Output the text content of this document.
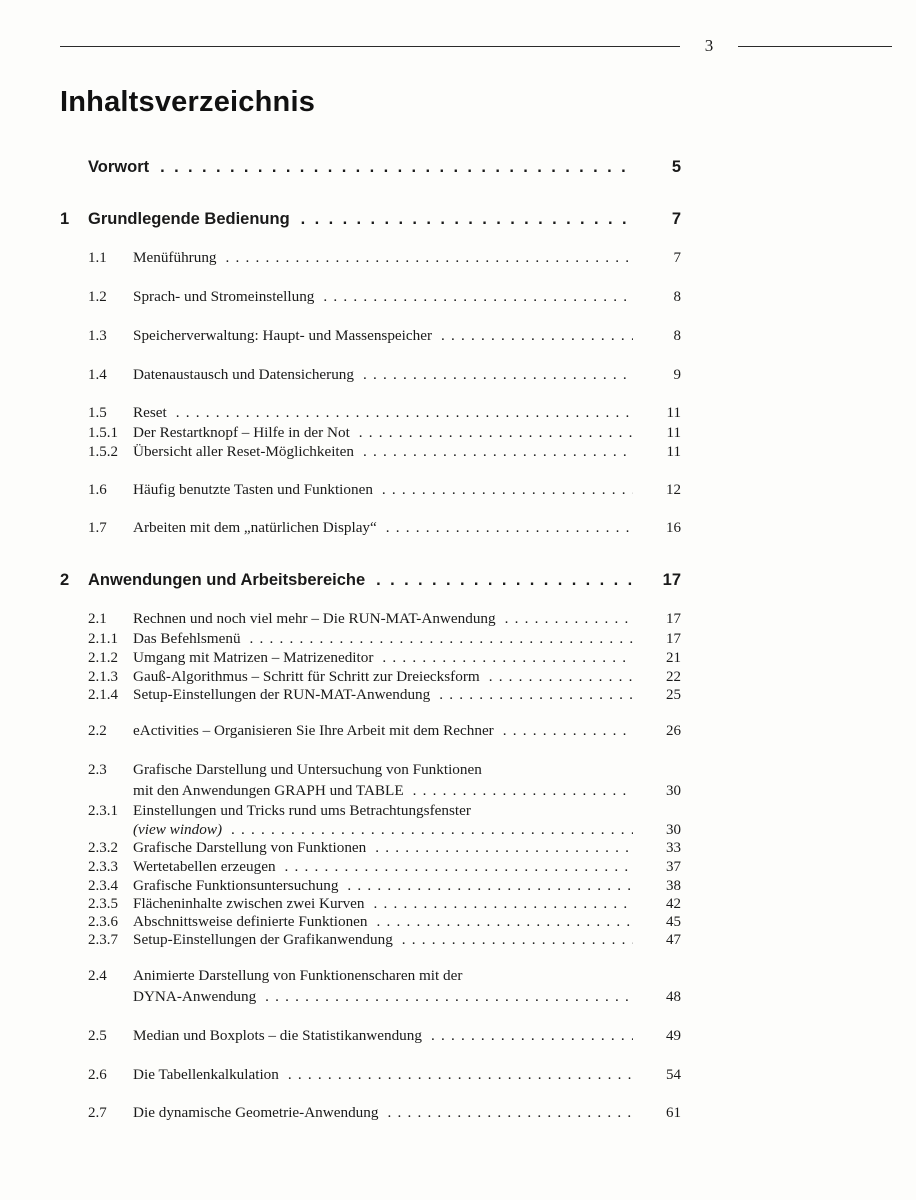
3
Inhaltsverzeichnis
Vorwort . . .	5
1 Grundlegende Bedienung . . .	7
1.1 Menüführung . . .	7
1.2 Sprach- und Stromeinstellung . . .	8
1.3 Speicherverwaltung: Haupt- und Massenspeicher . . .	8
1.4 Datenaustausch und Datensicherung . . .	9
1.5 Reset . . .	11
1.5.1 Der Restartknopf – Hilfe in der Not . . .	11
1.5.2 Übersicht aller Reset-Möglichkeiten . . .	11
1.6 Häufig benutzte Tasten und Funktionen . . .	12
1.7 Arbeiten mit dem „natürlichen Display“ . . .	16
2 Anwendungen und Arbeitsbereiche . . .	17
2.1 Rechnen und noch viel mehr – Die RUN-MAT-Anwendung . . .	17
2.1.1 Das Befehlsmenü . . .	17
2.1.2 Umgang mit Matrizen – Matrizeneditor . . .	21
2.1.3 Gauß-Algorithmus – Schritt für Schritt zur Dreiecksform . . .	22
2.1.4 Setup-Einstellungen der RUN-MAT-Anwendung . . .	25
2.2 eActivities – Organisieren Sie Ihre Arbeit mit dem Rechner . . .	26
2.3 Grafische Darstellung und Untersuchung von Funktionen
mit den Anwendungen GRAPH und TABLE . . .	30
2.3.1 Einstellungen und Tricks rund ums Betrachtungsfenster
(view window) . . .	30
2.3.2 Grafische Darstellung von Funktionen . . .	33
2.3.3 Wertetabellen erzeugen . . .	37
2.3.4 Grafische Funktionsuntersuchung . . .	38
2.3.5 Flächeninhalte zwischen zwei Kurven . . .	42
2.3.6 Abschnittsweise definierte Funktionen . . .	45
2.3.7 Setup-Einstellungen der Grafikanwendung . . .	47
2.4 Animierte Darstellung von Funktionenscharen mit der
DYNA-Anwendung . . .	48
2.5 Median und Boxplots – die Statistikanwendung . . .	49
2.6 Die Tabellenkalkulation . . .	54
2.7 Die dynamische Geometrie-Anwendung . . .	61
